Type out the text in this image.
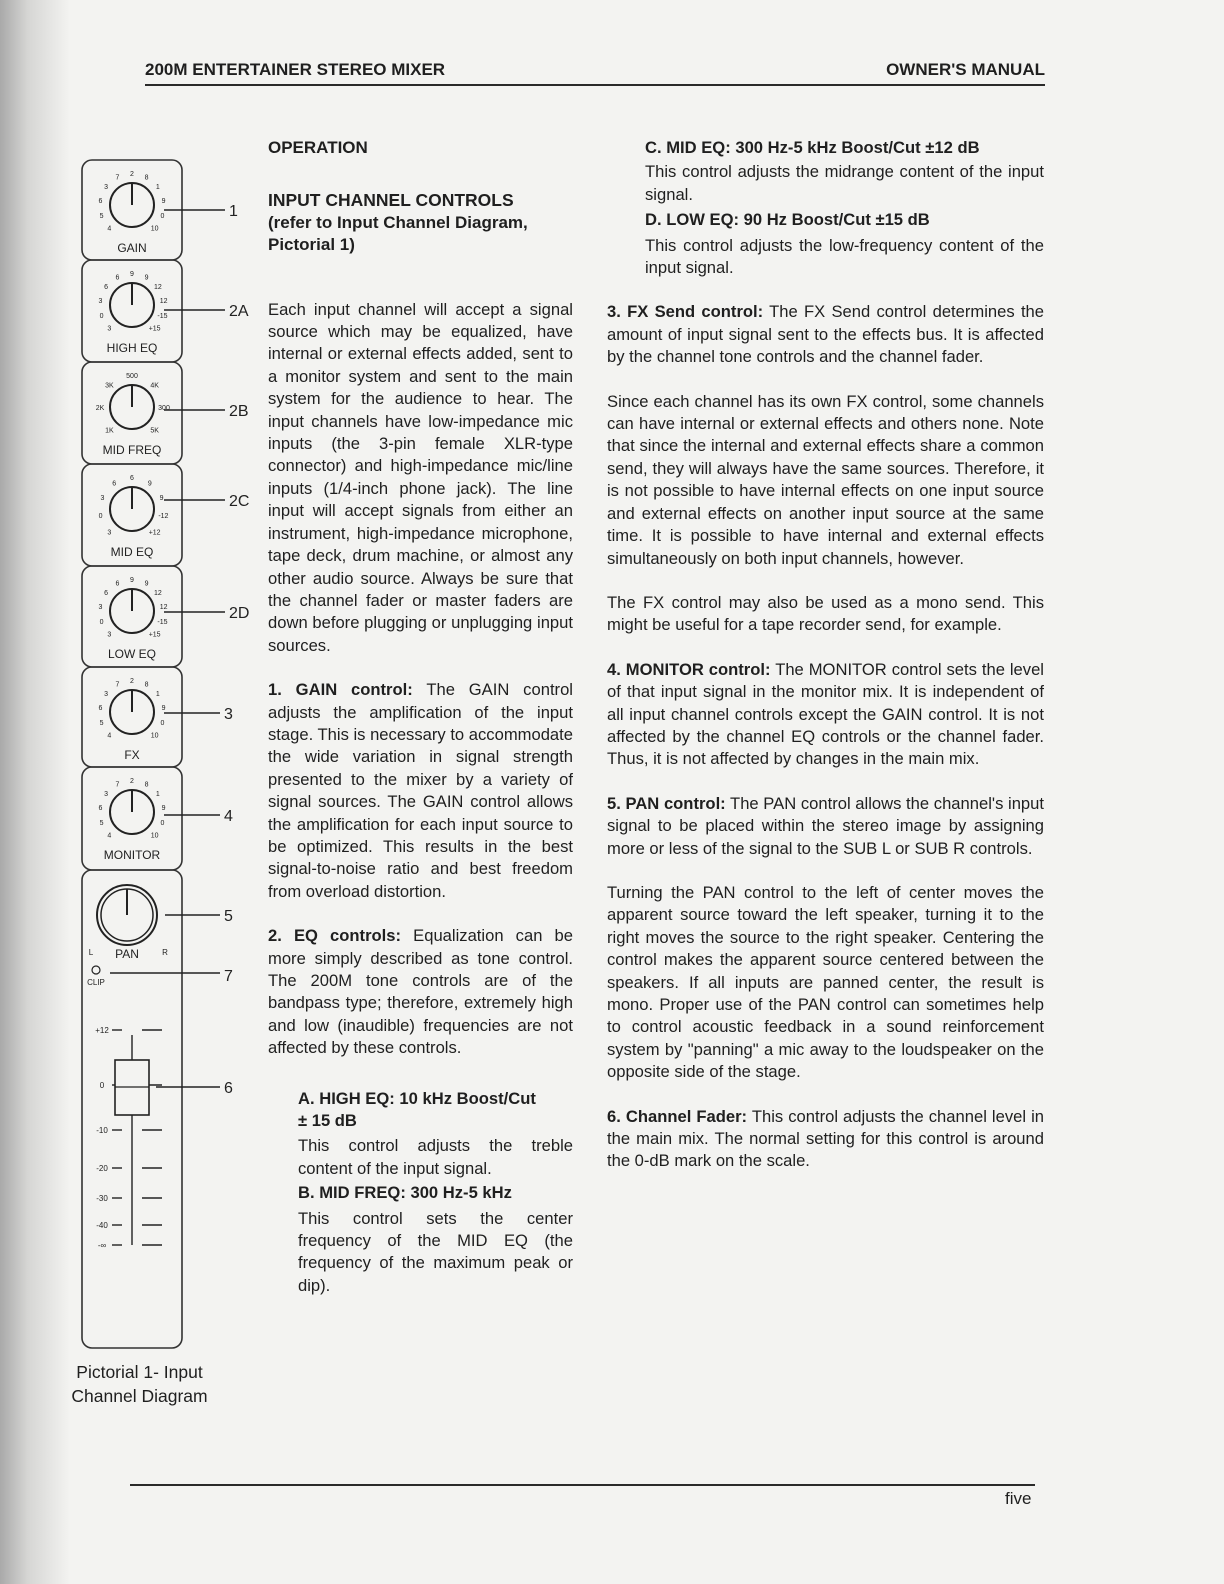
200M ENTERTAINER STEREO MIXER	OWNER'S MANUAL
4
5
6
3
7 2 8
1
9
0
10
GAIN
1
3
0
3
6
6 9 9
12
12
-15
+15
HIGH EQ
2A
1K
2K
3K
500
4K
300
5K
MID FREQ
2B
3
0
3
6
6
9
9
-12
+12
MID EQ
2C
3
0
3
6
6 9 9
12
12
-15
+15
LOW EQ
2D
4
5
6
3
7 2 8
1
9
0
10
FX
3
4
5
6
3
7 2 8
1
9
0
10
MONITOR
4
PAN
L	R
5
CLIP	7
+12
0
-10
-20
-30
-40
-∞
6
Pictorial 1- Input
Channel Diagram
OPERATION
INPUT CHANNEL CONTROLS
(refer to Input Channel Diagram,
Pictorial 1)

Each input channel will accept a signal source which may be equalized, have internal or external effects added, sent to a monitor system and sent to the main system for the audience to hear. The input channels have low-impedance mic inputs (the 3-pin female XLR-type connector) and high-impedance mic/line inputs (1/4-inch phone jack). The line input will accept signals from either an instrument, high-impedance microphone, tape deck, drum machine, or almost any other audio source. Always be sure that the channel fader or master faders are down before plugging or unplugging input sources.

1. GAIN control: The GAIN control adjusts the amplification of the input stage. This is necessary to accommodate the wide variation in signal strength presented to the mixer by a variety of signal sources. The GAIN control allows the amplification for each input source to be optimized. This results in the best signal-to-noise ratio and best freedom from overload distortion.

2. EQ controls: Equalization can be more simply described as tone control. The 200M tone controls are of the bandpass type; therefore, extremely high and low (inaudible) frequencies are not affected by these controls.

A. HIGH EQ: 10 kHz Boost/Cut
± 15 dB

This control adjusts the treble content of the input signal.

B. MID FREQ: 300 Hz-5 kHz

This control sets the center frequency of the MID EQ (the frequency of the maximum peak or dip).

C. MID EQ: 300 Hz-5 kHz Boost/Cut ±12 dB

This control adjusts the midrange content of the input signal.

D. LOW EQ: 90 Hz Boost/Cut ±15 dB

This control adjusts the low-frequency content of the input signal.

3. FX Send control: The FX Send control determines the amount of input signal sent to the effects bus. It is affected by the channel tone controls and the channel fader.

Since each channel has its own FX control, some channels can have internal or external effects and others none. Note that since the internal and external effects share a common send, they will always have the same sources. Therefore, it is not possible to have internal effects on one input source and external effects on another input source at the same time. It is possible to have internal and external effects simultaneously on both input channels, however.

The FX control may also be used as a mono send. This might be useful for a tape recorder send, for example.

4. MONITOR control: The MONITOR control sets the level of that input signal in the monitor mix. It is independent of all input channel controls except the GAIN control. It is not affected by the channel EQ controls or the channel fader. Thus, it is not affected by changes in the main mix.

5. PAN control: The PAN control allows the channel's input signal to be placed within the stereo image by assigning more or less of the signal to the SUB L or SUB R controls.

Turning the PAN control to the left of center moves the apparent source toward the left speaker, turning it to the right moves the source to the right speaker. Centering the control makes the apparent source centered between the speakers. If all inputs are panned center, the result is mono. Proper use of the PAN control can sometimes help to control acoustic feedback in a sound reinforcement system by "panning" a mic away to the loudspeaker on the opposite side of the stage.

6. Channel Fader: This control adjusts the channel level in the main mix. The normal setting for this control is around the 0-dB mark on the scale.

five
